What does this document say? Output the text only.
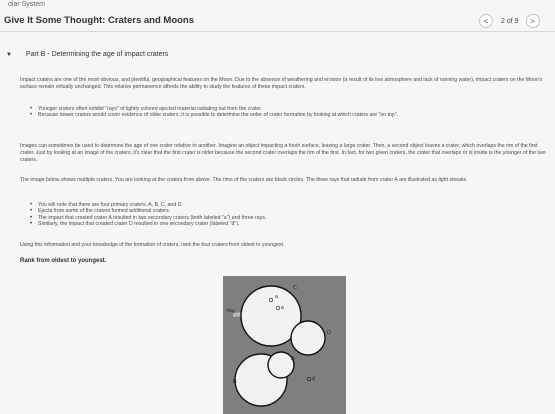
olar System
Give It Some Thought: Craters and Moons	< 2 of 9 >
▼ Part B - Determining the age of impact craters

Impact craters are one of the most obvious, and plentiful, geographical features on the Moon. Due to the absence of weathering and erosion (a result of its low atmosphere and lack of running water), impact craters on the Moon's surface remain virtually unchanged. This relative permanence affords the ability to study the features of these impact craters.

• Younger craters often exhibit "rays" of lightly colored ejected material radiating out from the crater.
• Because newer craters would cover evidence of older craters, it is possible to determine the order of crater formation by looking at which craters are "on top".

Images can sometimes be used to determine the age of one crater relative to another. Imagine an object impacting a fresh surface, leaving a large crater. Then, a second object leaves a crater, which overlaps the rim of the first crater. Just by looking at an image of the craters, it's clear that the first crater is older because the second crater overlaps the rim of the first. In fact, for two given craters, the crater that overlaps or is inside is the younger of the two craters.

The image below shows multiple craters. You are looking at the craters from above. The rims of the craters are black circles. The three rays that radiate from crater A are illustrated as light streaks.

• You will note that there are four primary craters, A, B, C, and D.
• Ejecta from some of the craters formed additional craters.
• The impact that created crater A resulted in two secondary craters (both labeled "a") and three rays.
• Similarly, the impact that created crater D resulted in one secondary crater (labeled "d").

Using this information and your knowledge of the formation of craters, rank the four craters from oldest to youngest.

Rank from oldest to youngest.
a
a
C
D
d
A
B
Ray
